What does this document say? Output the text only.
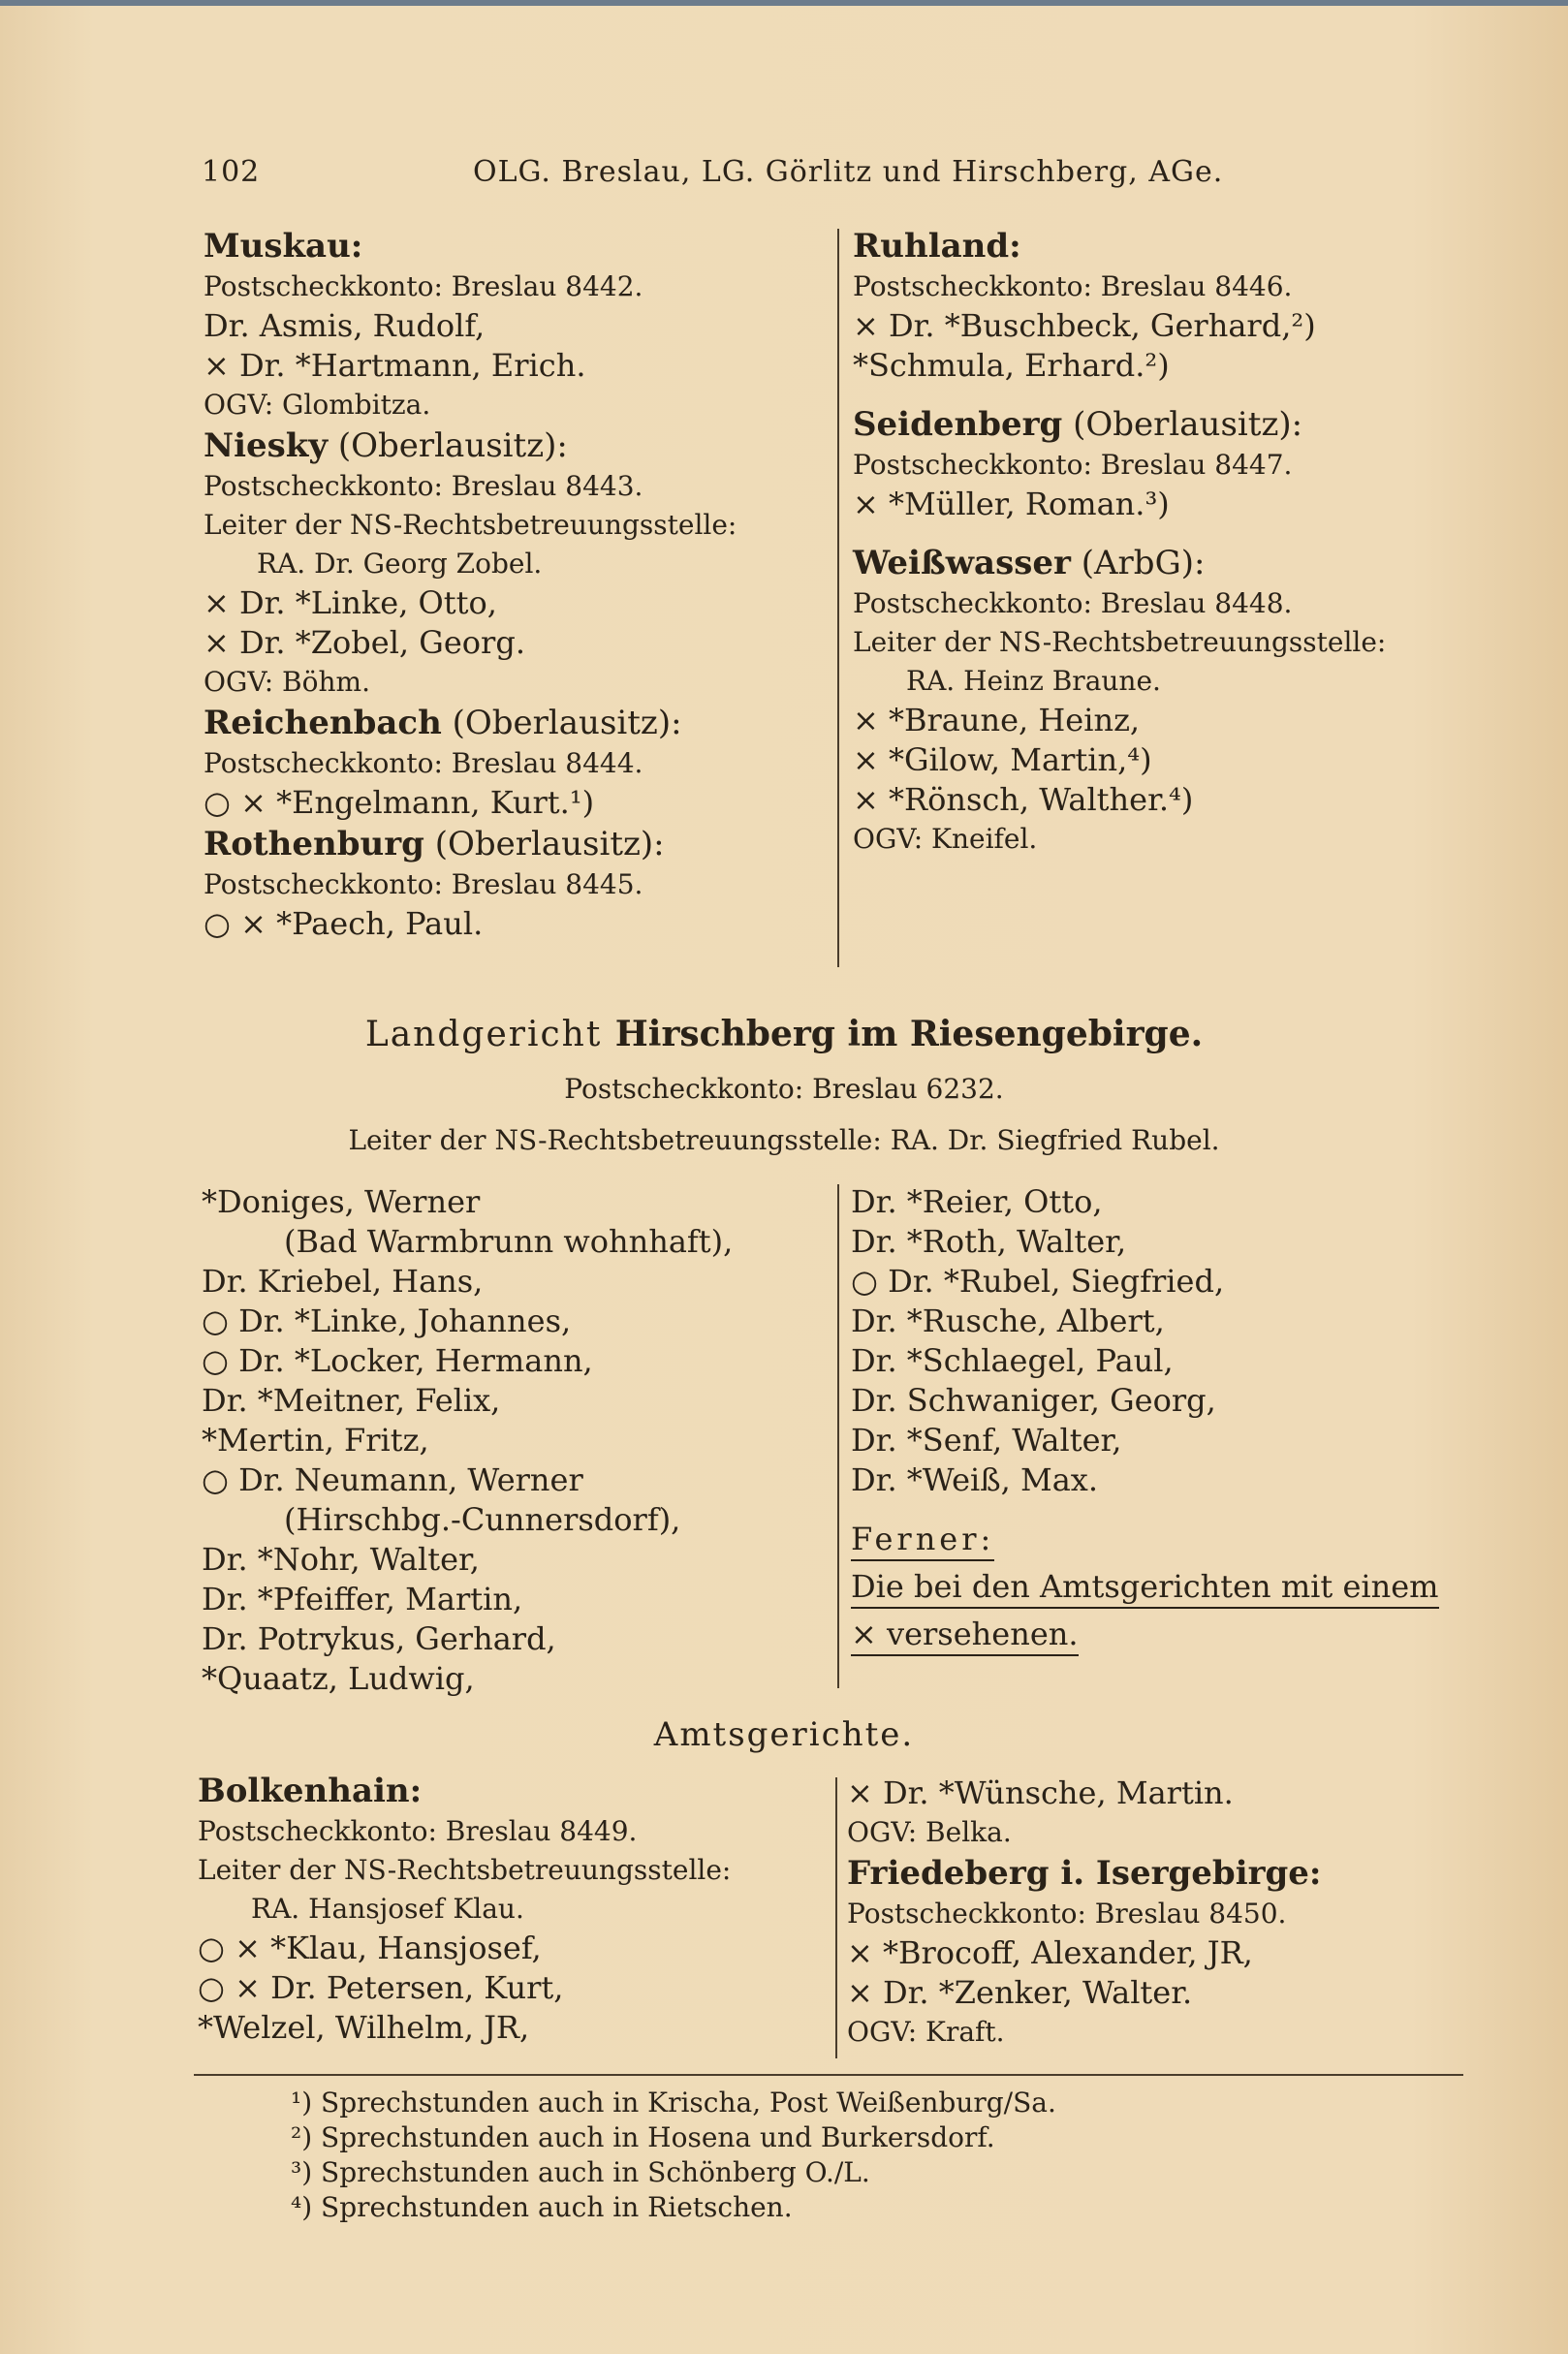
102	OLG. Breslau, LG. Görlitz und Hirschberg, AGe.
Muskau:
Postscheckkonto: Breslau 8442.
Dr. Asmis, Rudolf,
× Dr. *Hartmann, Erich.
OGV: Glombitza.
Niesky (Oberlausitz):
Postscheckkonto: Breslau 8443.
Leiter der NS-Rechtsbetreuungsstelle:
RA. Dr. Georg Zobel.
× Dr. *Linke, Otto,
× Dr. *Zobel, Georg.
OGV: Böhm.
Reichenbach (Oberlausitz):
Postscheckkonto: Breslau 8444.
○ × *Engelmann, Kurt.¹)
Rothenburg (Oberlausitz):
Postscheckkonto: Breslau 8445.
○ × *Paech, Paul.
Ruhland:
Postscheckkonto: Breslau 8446.
× Dr. *Buschbeck, Gerhard,²)
*Schmula, Erhard.²)
Seidenberg (Oberlausitz):
Postscheckkonto: Breslau 8447.
× *Müller, Roman.³)
Weißwasser (ArbG):
Postscheckkonto: Breslau 8448.
Leiter der NS-Rechtsbetreuungsstelle:
RA. Heinz Braune.
× *Braune, Heinz,
× *Gilow, Martin,⁴)
× *Rönsch, Walther.⁴)
OGV: Kneifel.
Landgericht Hirschberg im Riesengebirge.
Postscheckkonto: Breslau 6232.
Leiter der NS-Rechtsbetreuungsstelle: RA. Dr. Siegfried Rubel.
*Doniges, Werner
(Bad Warmbrunn wohnhaft),
Dr. Kriebel, Hans,
○ Dr. *Linke, Johannes,
○ Dr. *Locker, Hermann,
Dr. *Meitner, Felix,
*Mertin, Fritz,
○ Dr. Neumann, Werner
(Hirschbg.-Cunnersdorf),
Dr. *Nohr, Walter,
Dr. *Pfeiffer, Martin,
Dr. Potrykus, Gerhard,
*Quaatz, Ludwig,
Dr. *Reier, Otto,
Dr. *Roth, Walter,
○ Dr. *Rubel, Siegfried,
Dr. *Rusche, Albert,
Dr. *Schlaegel, Paul,
Dr. Schwaniger, Georg,
Dr. *Senf, Walter,
Dr. *Weiß, Max.
Ferner:
Die bei den Amtsgerichten mit einem
× versehenen.
Amtsgerichte.
Bolkenhain:
Postscheckkonto: Breslau 8449.
Leiter der NS-Rechtsbetreuungsstelle:
RA. Hansjosef Klau.
○ × *Klau, Hansjosef,
○ × Dr. Petersen, Kurt,
*Welzel, Wilhelm, JR,
× Dr. *Wünsche, Martin.
OGV: Belka.
Friedeberg i. Isergebirge:
Postscheckkonto: Breslau 8450.
× *Brocoff, Alexander, JR,
× Dr. *Zenker, Walter.
OGV: Kraft.
¹) Sprechstunden auch in Krischa, Post Weißenburg/Sa.
²) Sprechstunden auch in Hosena und Burkersdorf.
³) Sprechstunden auch in Schönberg O./L.
⁴) Sprechstunden auch in Rietschen.
